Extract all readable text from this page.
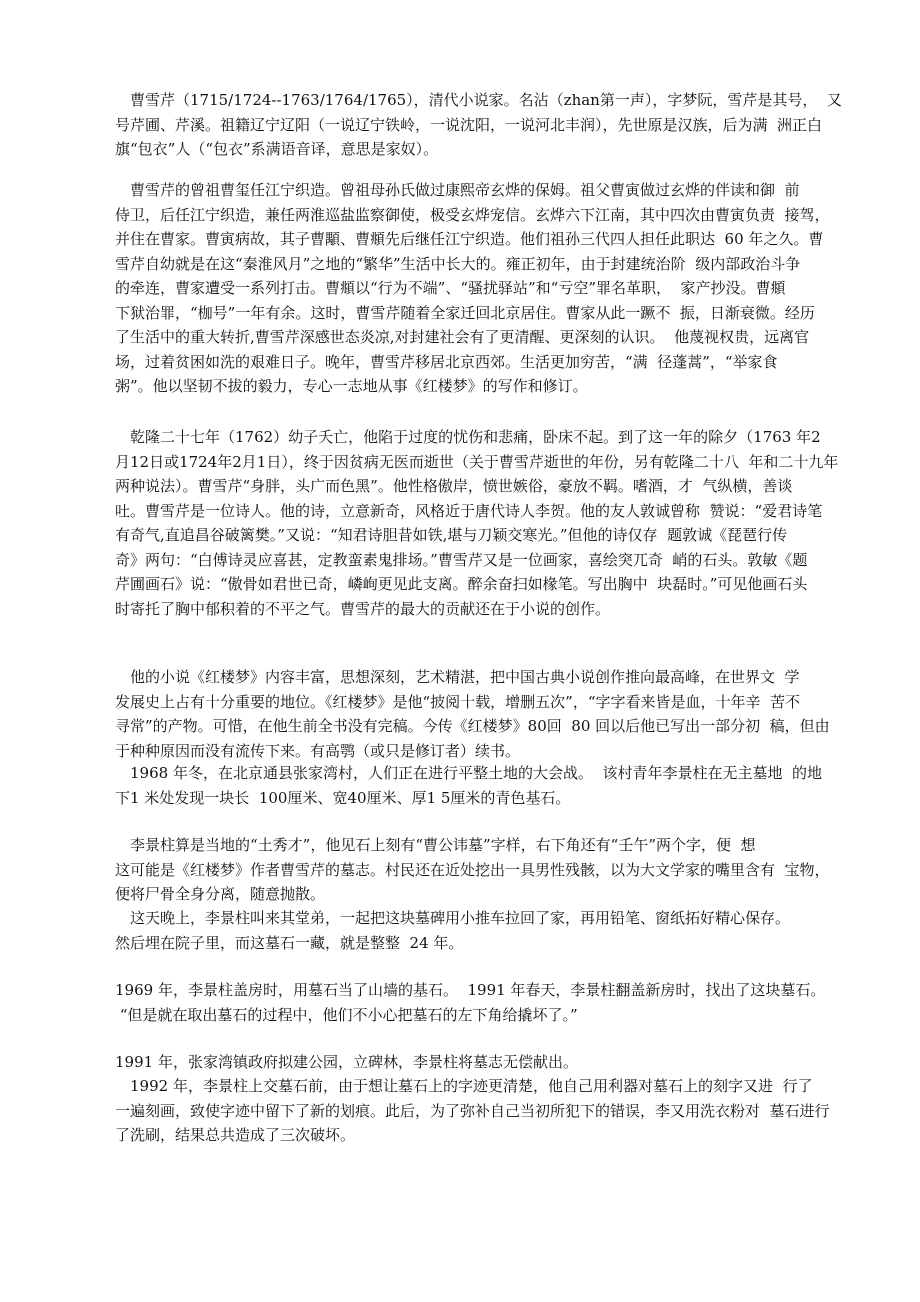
曹雪芹（1715/1724--1763/1764/1765），清代小说家。名沾（zhan第一声），字梦阮，雪芹是其号，  又
号芹圃、芹溪。祖籍辽宁辽阳（一说辽宁铁岭，一说沈阳，一说河北丰润），先世原是汉族，后为满  洲正白
旗“包衣”人（“包衣”系满语音译，意思是家奴）。
曹雪芹的曾祖曹玺任江宁织造。曾祖母孙氏做过康熙帝玄烨的保姆。祖父曹寅做过玄烨的伴读和御  前
侍卫，后任江宁织造，兼任两淮巡盐监察御使，极受玄烨宠信。玄烨六下江南，其中四次由曹寅负责  接驾，
并住在曹家。曹寅病故，其子曹顒、曹頫先后继任江宁织造。他们祖孙三代四人担任此职达  60 年之久。曹
雪芹自幼就是在这“秦淮风月”之地的“繁华”生活中长大的。雍正初年，由于封建统治阶  级内部政治斗争
的牵连，曹家遭受一系列打击。曹頫以“行为不端”、“骚扰驿站”和“亏空”罪名革职，  家产抄没。曹頫
下狱治罪，“枷号”一年有余。这时，曹雪芹随着全家迁回北京居住。曹家从此一蹶不  振，日渐衰微。经历
了生活中的重大转折,曹雪芹深感世态炎凉,对封建社会有了更清醒、更深刻的认识。  他蔑视权贵，远离官
场，过着贫困如洗的艰难日子。晚年，曹雪芹移居北京西郊。生活更加穷苦，“满  径蓬蒿”，“举家食
粥”。他以坚韧不拔的毅力，专心一志地从事《红楼梦》的写作和修订。
乾隆二十七年（1762）幼子夭亡，他陷于过度的忧伤和悲痛，卧床不起。到了这一年的除夕（1763 年2
月12日或1724年2月1日），终于因贫病无医而逝世（关于曹雪芹逝世的年份，另有乾隆二十八  年和二十九年
两种说法）。曹雪芹“身胖，头广而色黑”。他性格傲岸，愤世嫉俗，豪放不羁。嗜酒，才  气纵横，善谈
吐。曹雪芹是一位诗人。他的诗，立意新奇，风格近于唐代诗人李贺。他的友人敦诚曾称  赞说：“爱君诗笔
有奇气,直追昌谷破篱樊。”又说：“知君诗胆昔如铁,堪与刀颖交寒光。”但他的诗仅存  题敦诚《琵琶行传
奇》两句：“白傅诗灵应喜甚，定教蛮素鬼排场。”曹雪芹又是一位画家，喜绘突兀奇  峭的石头。敦敏《题
芹圃画石》说：“傲骨如君世已奇，嶙峋更见此支离。醉余奋扫如椽笔。写出胸中  块磊时。”可见他画石头
时寄托了胸中郁积着的不平之气。曹雪芹的最大的贡献还在于小说的创作。
他的小说《红楼梦》内容丰富，思想深刻，艺术精湛，把中国古典小说创作推向最高峰，在世界文  学
发展史上占有十分重要的地位。《红楼梦》是他“披阅十载，增删五次”，“字字看来皆是血，十年辛  苦不
寻常”的产物。可惜，在他生前全书没有完稿。今传《红楼梦》80回  80 回以后他已写出一部分初  稿，但由
于种种原因而没有流传下来。有高鹗（或只是修订者）续书。
1968 年冬，在北京通县张家湾村，人们正在进行平整土地的大会战。  该村青年李景柱在无主墓地  的地
下1 米处发现一块长  100厘米、宽40厘米、厚1 5厘米的青色基石。
李景柱算是当地的“土秀才”，他见石上刻有“曹公讳墓”字样，右下角还有“壬午”两个字，便  想
这可能是《红楼梦》作者曹雪芹的墓志。村民还在近处挖出一具男性残骸，以为大文学家的嘴里含有  宝物，
便将尸骨全身分离，随意抛散。
这天晚上，李景柱叫来其堂弟，一起把这块墓碑用小推车拉回了家，再用铅笔、窗纸拓好精心保存。
然后埋在院子里，而这墓石一藏，就是整整  24 年。
1969 年，李景柱盖房时，用墓石当了山墙的基石。  1991 年春天，李景柱翻盖新房时，找出了这块墓石。
“但是就在取出墓石的过程中，他们不小心把墓石的左下角给撬坏了。”
1991 年，张家湾镇政府拟建公园，立碑林，李景柱将墓志无偿献出。
1992 年，李景柱上交墓石前，由于想让墓石上的字迹更清楚，他自己用利器对墓石上的刻字又进  行了
一遍刻画，致使字迹中留下了新的划痕。此后，为了弥补自己当初所犯下的错误，李又用洗衣粉对  墓石进行
了洗刷，结果总共造成了三次破坏。
